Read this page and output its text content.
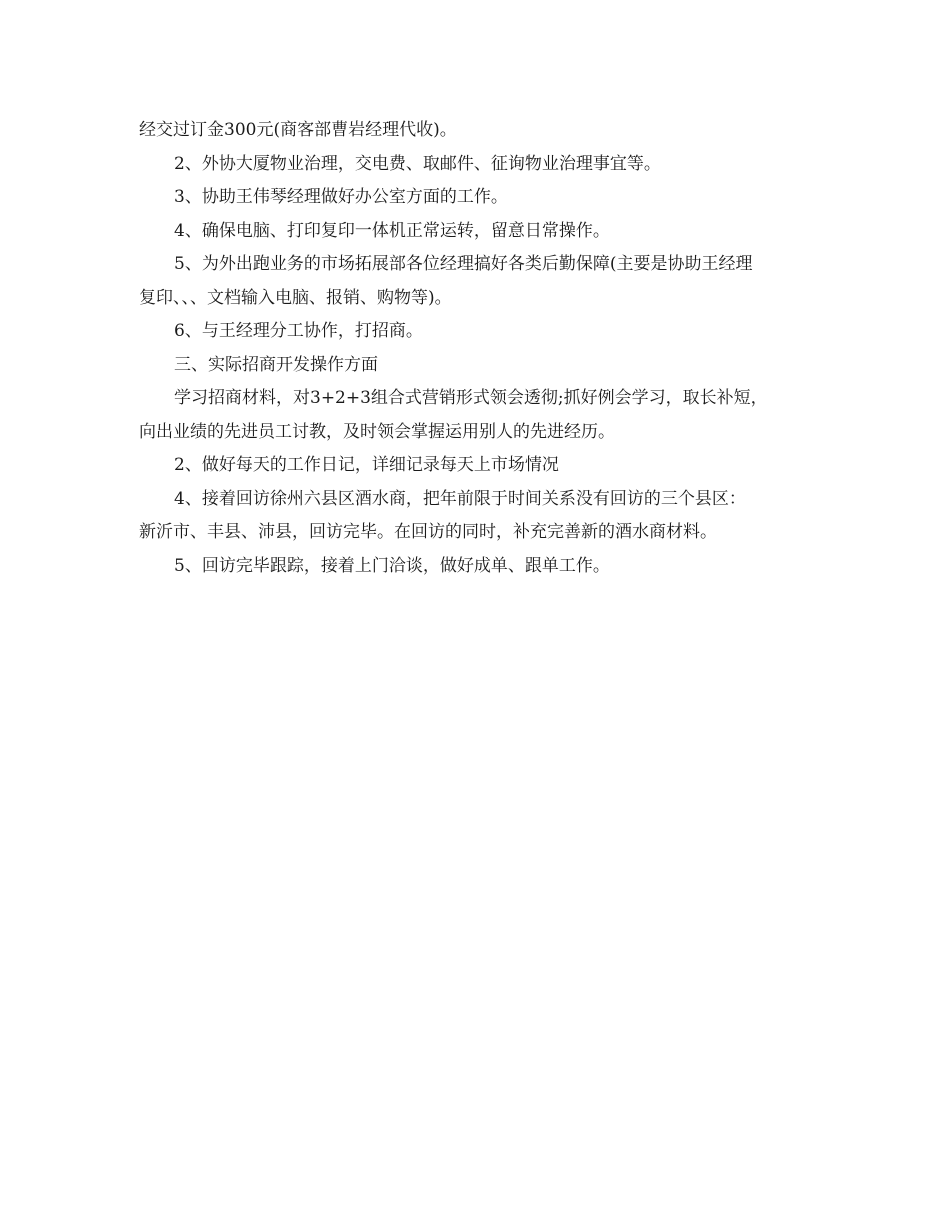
经交过订金300元(商客部曹岩经理代收)。
2、外协大厦物业治理，交电费、取邮件、征询物业治理事宜等。
3、协助王伟琴经理做好办公室方面的工作。
4、确保电脑、打印复印一体机正常运转，留意日常操作。
5、为外出跑业务的市场拓展部各位经理搞好各类后勤保障(主要是协助王经理
复印、、、文档输入电脑、报销、购物等)。
6、与王经理分工协作，打招商。
三、实际招商开发操作方面
学习招商材料，对3+2+3组合式营销形式领会透彻;抓好例会学习，取长补短，
向出业绩的先进员工讨教，及时领会掌握运用别人的先进经历。
2、做好每天的工作日记，详细记录每天上市场情况
4、接着回访徐州六县区酒水商，把年前限于时间关系没有回访的三个县区：
新沂市、丰县、沛县，回访完毕。在回访的同时，补充完善新的酒水商材料。
5、回访完毕跟踪，接着上门洽谈，做好成单、跟单工作。
